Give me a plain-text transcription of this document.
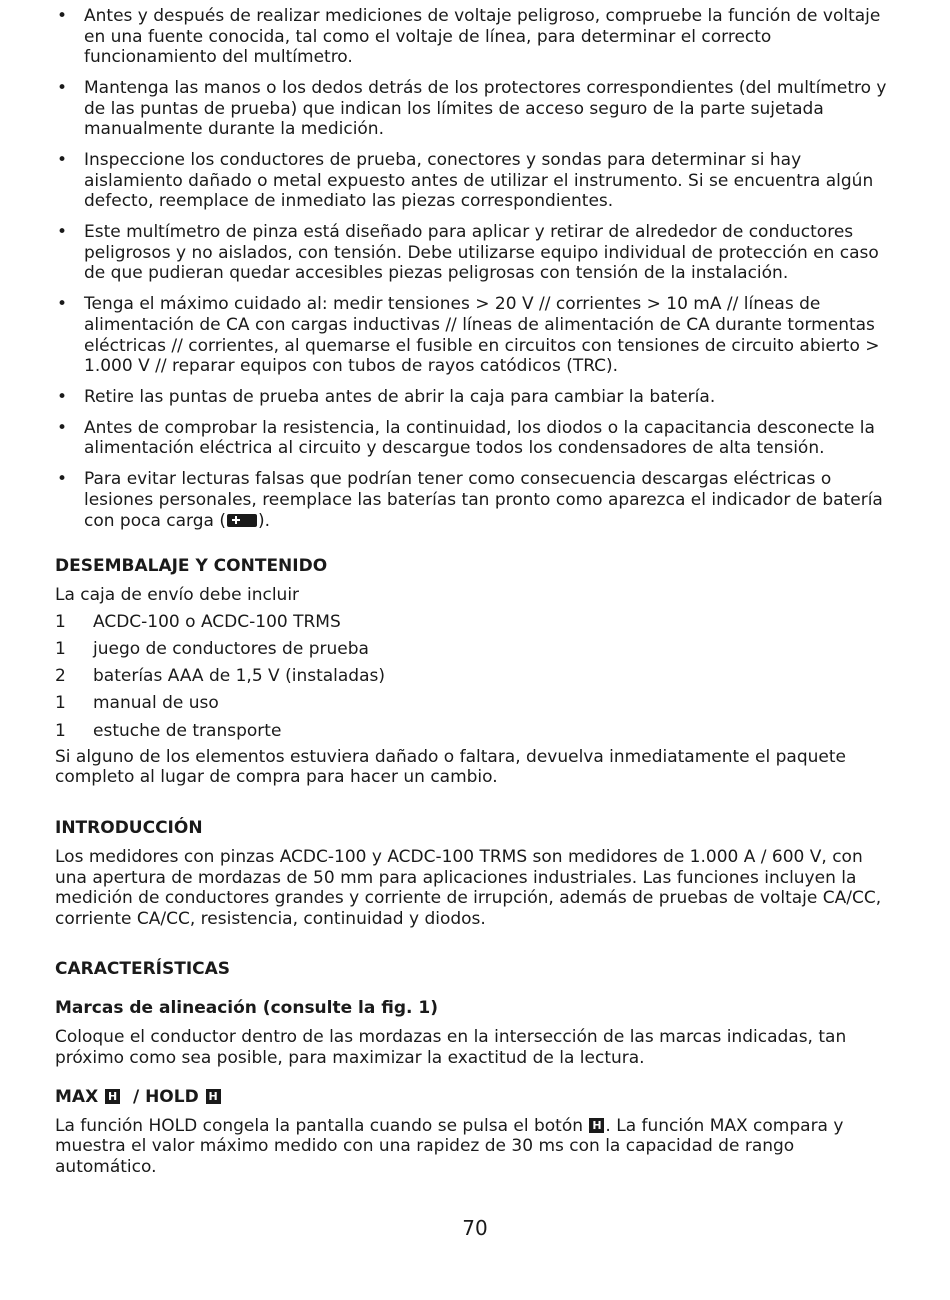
• Antes y después de realizar mediciones de voltaje peligroso, compruebe la función de voltaje en una fuente conocida, tal como el voltaje de línea, para determinar el correcto funcionamiento del multímetro.
• Mantenga las manos o los dedos detrás de los protectores correspondientes (del multímetro y de las puntas de prueba) que indican los límites de acceso seguro de la parte sujetada manualmente durante la medición.
• Inspeccione los conductores de prueba, conectores y sondas para determinar si hay aislamiento dañado o metal expuesto antes de utilizar el instrumento. Si se encuentra algún defecto, reemplace de inmediato las piezas correspondientes.
• Este multímetro de pinza está diseñado para aplicar y retirar de alrededor de conductores peligrosos y no aislados, con tensión. Debe utilizarse equipo individual de protección en caso de que pudieran quedar accesibles piezas peligrosas con tensión de la instalación.
• Tenga el máximo cuidado al: medir tensiones > 20 V // corrientes > 10 mA // líneas de alimentación de CA con cargas inductivas // líneas de alimentación de CA durante tormentas eléctricas // corrientes, al quemarse el fusible en circuitos con tensiones de circuito abierto > 1.000 V // reparar equipos con tubos de rayos catódicos (TRC).
• Retire las puntas de prueba antes de abrir la caja para cambiar la batería.
• Antes de comprobar la resistencia, la continuidad, los diodos o la capacitancia desconecte la alimentación eléctrica al circuito y descargue todos los condensadores de alta tensión.
• Para evitar lecturas falsas que podrían tener como consecuencia descargas eléctricas o lesiones personales, reemplace las baterías tan pronto como aparezca el indicador de batería con poca carga ( ).
DESEMBALAJE Y CONTENIDO

La caja de envío debe incluir

1	ACDC-100 o ACDC-100 TRMS
1	juego de conductores de prueba
2	baterías AAA de 1,5 V (instaladas)
1	manual de uso
1	estuche de transporte

Si alguno de los elementos estuviera dañado o faltara, devuelva inmediatamente el paquete completo al lugar de compra para hacer un cambio.

INTRODUCCIÓN

Los medidores con pinzas ACDC-100 y ACDC-100 TRMS son medidores de 1.000 A / 600 V, con una apertura de mordazas de 50 mm para aplicaciones industriales. Las funciones incluyen la medición de conductores grandes y corriente de irrupción, además de pruebas de voltaje CA/CC, corriente CA/CC, resistencia, continuidad y diodos.

CARACTERÍSTICAS
Marcas de alineación (consulte la fig. 1)

Coloque el conductor dentro de las mordazas en la intersección de las marcas indicadas, tan próximo como sea posible, para maximizar la exactitud de la lectura.

MAX H / HOLD H

La función HOLD congela la pantalla cuando se pulsa el botón H . La función MAX compara y muestra el valor máximo medido con una rapidez de 30 ms con la capacidad de rango automático.

70
